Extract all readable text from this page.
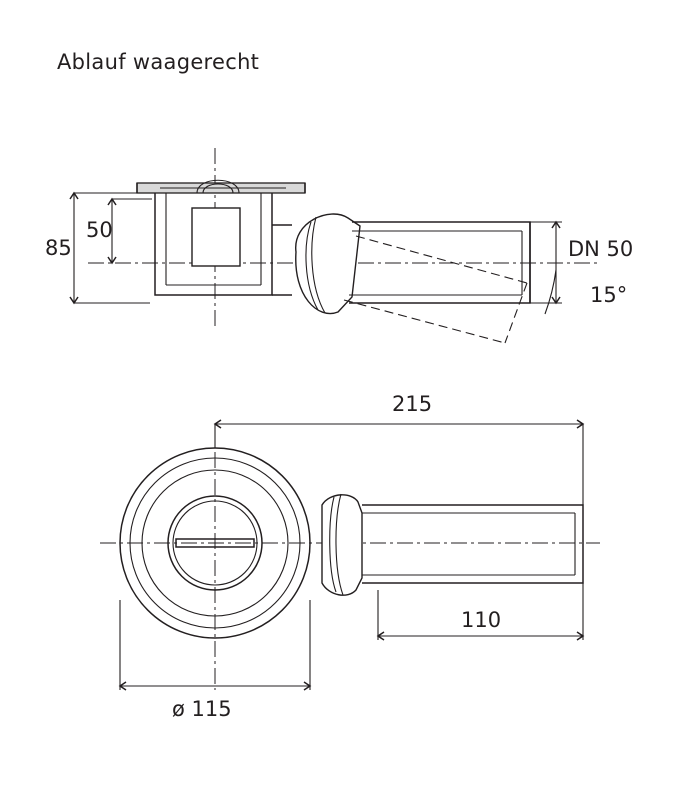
Ablauf waagerecht
85
50
DN 50
15°
215
110
ø 115
